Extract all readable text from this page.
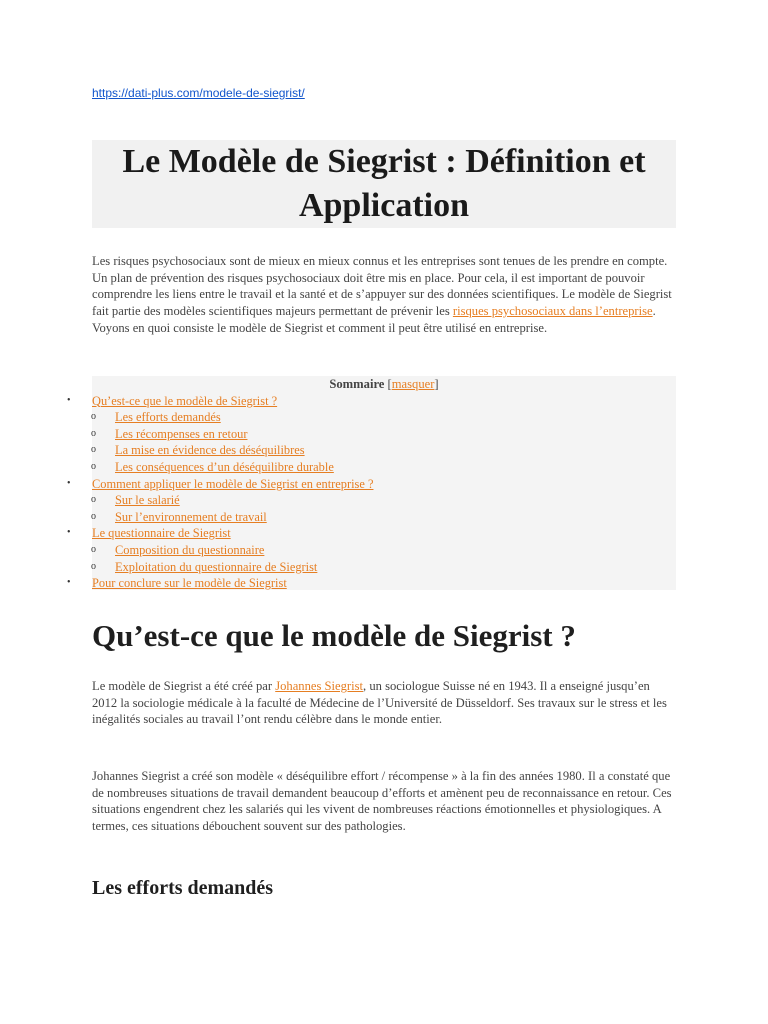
https://dati-plus.com/modele-de-siegrist/
Le Modèle de Siegrist : Définition et
Application

Les risques psychosociaux sont de mieux en mieux connus et les entreprises sont tenues de les prendre en compte. Un plan de prévention des risques psychosociaux doit être mis en place. Pour cela, il est important de pouvoir comprendre les liens entre le travail et la santé et de s’appuyer sur des données scientifiques. Le modèle de Siegrist fait partie des modèles scientifiques majeurs permettant de prévenir les risques psychosociaux dans l’entreprise. Voyons en quoi consiste le modèle de Siegrist et comment il peut être utilisé en entreprise.

Sommaire [masquer]
• Qu’est-ce que le modèle de Siegrist ?
o Les efforts demandés
o Les récompenses en retour
o La mise en évidence des déséquilibres
o Les conséquences d’un déséquilibre durable
• Comment appliquer le modèle de Siegrist en entreprise ?
o Sur le salarié
o Sur l’environnement de travail
• Le questionnaire de Siegrist
o Composition du questionnaire
o Exploitation du questionnaire de Siegrist
• Pour conclure sur le modèle de Siegrist
Qu’est-ce que le modèle de Siegrist ?

Le modèle de Siegrist a été créé par Johannes Siegrist, un sociologue Suisse né en 1943. Il a enseigné jusqu’en 2012 la sociologie médicale à la faculté de Médecine de l’Université de Düsseldorf. Ses travaux sur le stress et les inégalités sociales au travail l’ont rendu célèbre dans le monde entier.

Johannes Siegrist a créé son modèle « déséquilibre effort / récompense » à la fin des années 1980. Il a constaté que de nombreuses situations de travail demandent beaucoup d’efforts et amènent peu de reconnaissance en retour. Ces situations engendrent chez les salariés qui les vivent de nombreuses réactions émotionnelles et physiologiques. A termes, ces situations débouchent souvent sur des pathologies.

Les efforts demandés
